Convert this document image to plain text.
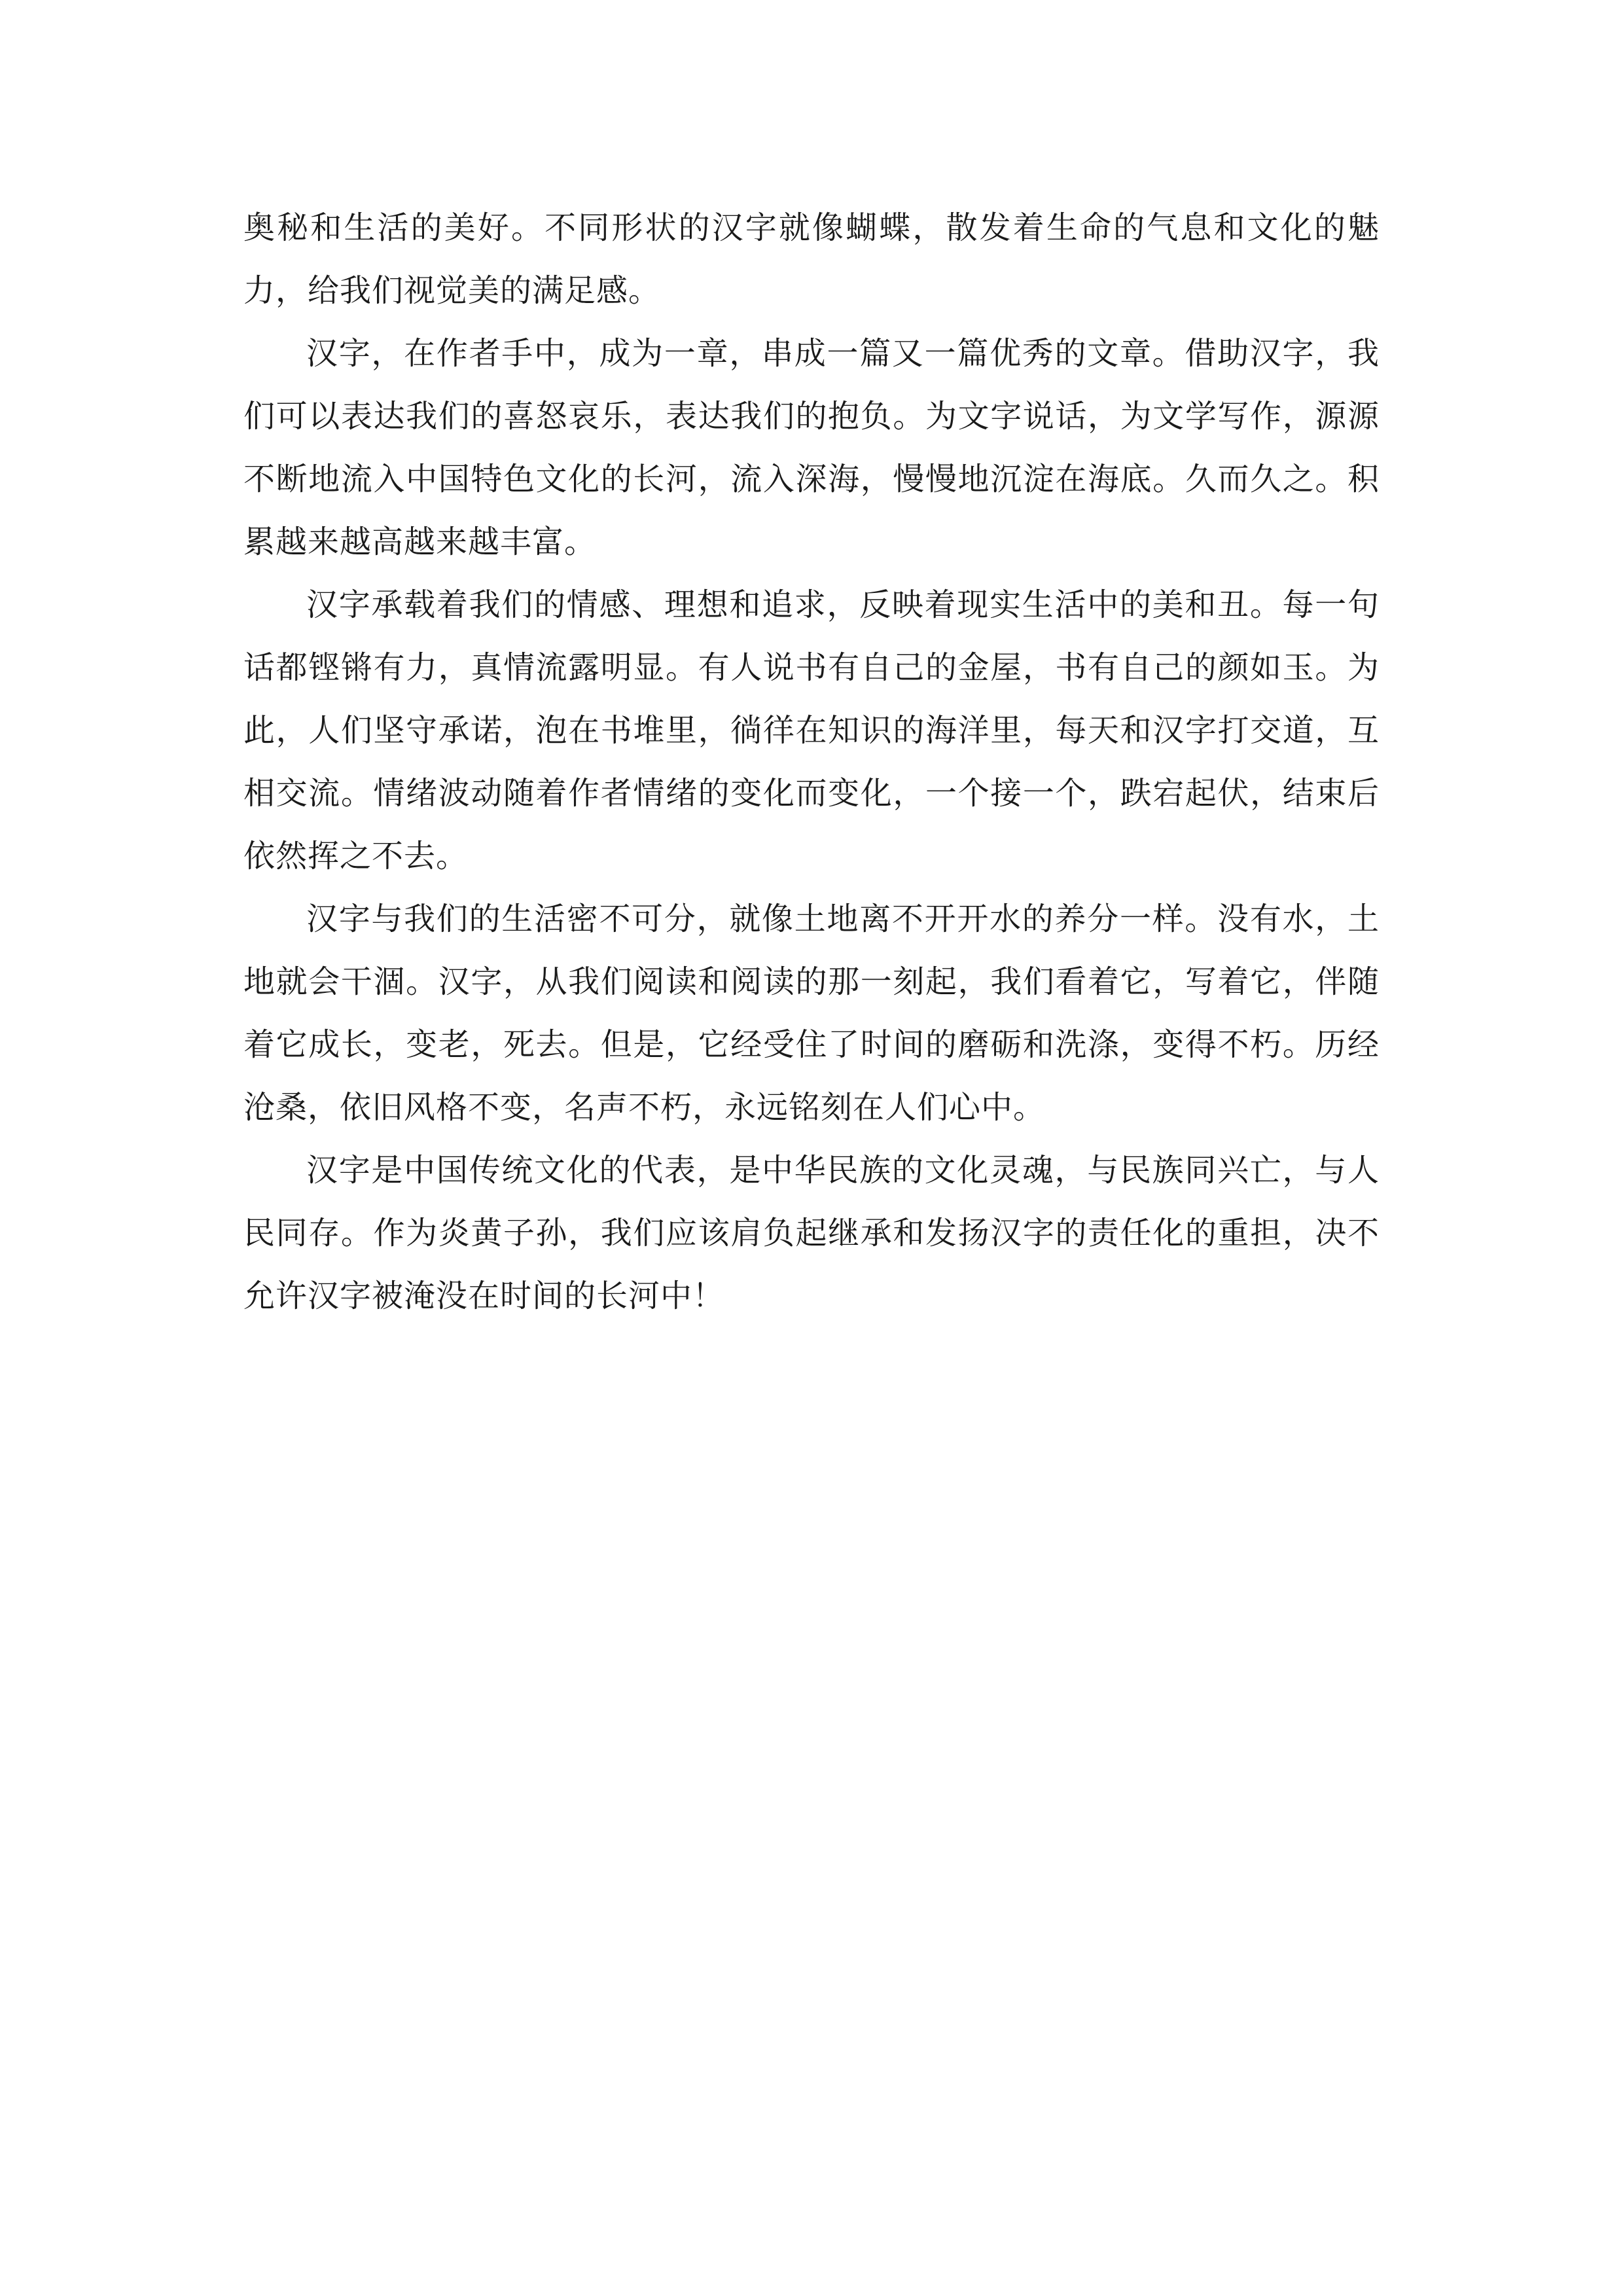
奥秘和生活的美好。不同形状的汉字就像蝴蝶，散发着生命的气息和文化的魅力，给我们视觉美的满足感。

汉字，在作者手中，成为一章，串成一篇又一篇优秀的文章。借助汉字，我们可以表达我们的喜怒哀乐，表达我们的抱负。为文字说话，为文学写作，源源不断地流入中国特色文化的长河，流入深海，慢慢地沉淀在海底。久而久之。积累越来越高越来越丰富。

汉字承载着我们的情感、理想和追求，反映着现实生活中的美和丑。每一句话都铿锵有力，真情流露明显。有人说书有自己的金屋，书有自己的颜如玉。为此，人们坚守承诺，泡在书堆里，徜徉在知识的海洋里，每天和汉字打交道，互相交流。情绪波动随着作者情绪的变化而变化，一个接一个，跌宕起伏，结束后依然挥之不去。

汉字与我们的生活密不可分，就像土地离不开开水的养分一样。没有水，土地就会干涸。汉字，从我们阅读和阅读的那一刻起，我们看着它，写着它，伴随着它成长，变老，死去。但是，它经受住了时间的磨砺和洗涤，变得不朽。历经沧桑，依旧风格不变，名声不朽，永远铭刻在人们心中。

汉字是中国传统文化的代表，是中华民族的文化灵魂，与民族同兴亡，与人民同存。作为炎黄子孙，我们应该肩负起继承和发扬汉字的责任化的重担，决不允许汉字被淹没在时间的长河中！
